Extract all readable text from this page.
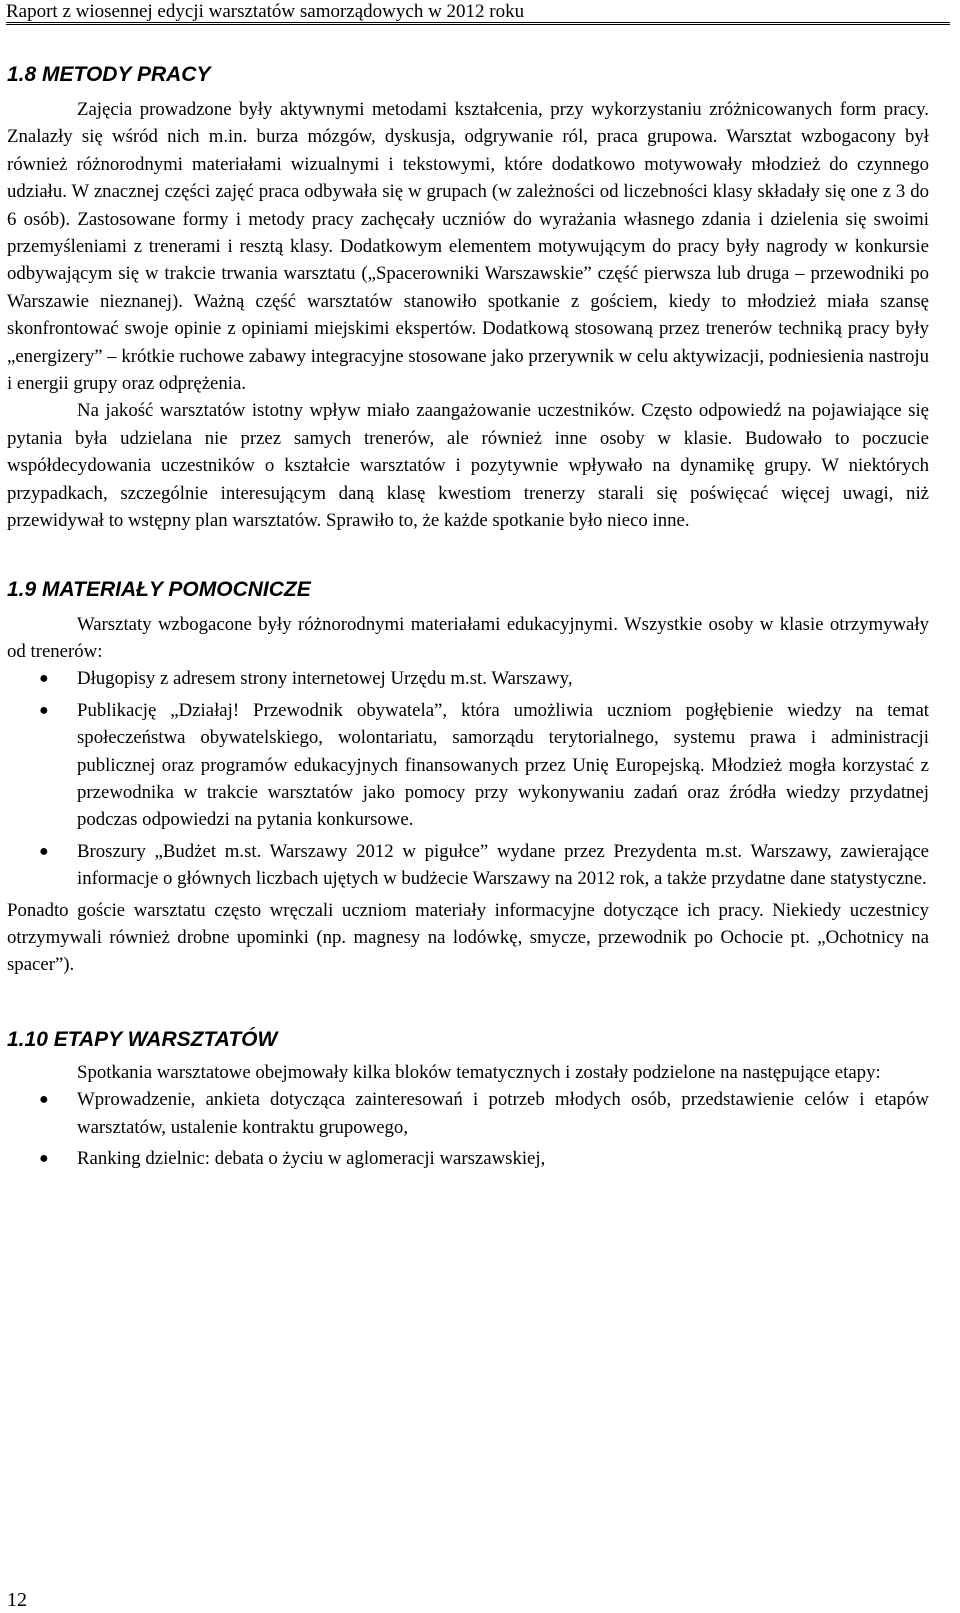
Raport z wiosennej edycji warsztatów samorządowych w 2012 roku
1.8 METODY PRACY

Zajęcia prowadzone były aktywnymi metodami kształcenia, przy wykorzystaniu zróżnicowanych form pracy. Znalazły się wśród nich m.in. burza mózgów, dyskusja, odgrywanie ról, praca grupowa. Warsztat wzbogacony był również różnorodnymi materiałami wizualnymi i tekstowymi, które dodatkowo motywowały młodzież do czynnego udziału. W znacznej części zajęć praca odbywała się w grupach (w zależności od liczebności klasy składały się one z 3 do 6 osób). Zastosowane formy i metody pracy zachęcały uczniów do wyrażania własnego zdania i dzielenia się swoimi przemyśleniami z trenerami i resztą klasy. Dodatkowym elementem motywującym do pracy były nagrody w konkursie odbywającym się w trakcie trwania warsztatu („Spacerowniki Warszawskie” część pierwsza lub druga – przewodniki po Warszawie nieznanej). Ważną część warsztatów stanowiło spotkanie z gościem, kiedy to młodzież miała szansę skonfrontować swoje opinie z opiniami miejskimi ekspertów. Dodatkową stosowaną przez trenerów techniką pracy były „energizery” – krótkie ruchowe zabawy integracyjne stosowane jako przerywnik w celu aktywizacji, podniesienia nastroju i energii grupy oraz odprężenia.

Na jakość warsztatów istotny wpływ miało zaangażowanie uczestników. Często odpowiedź na pojawiające się pytania była udzielana nie przez samych trenerów, ale również inne osoby w klasie. Budowało to poczucie współdecydowania uczestników o kształcie warsztatów i pozytywnie wpływało na dynamikę grupy. W niektórych przypadkach, szczególnie interesującym daną klasę kwestiom trenerzy starali się poświęcać więcej uwagi, niż przewidywał to wstępny plan warsztatów. Sprawiło to, że każde spotkanie było nieco inne.

1.9 MATERIAŁY POMOCNICZE

Warsztaty wzbogacone były różnorodnymi materiałami edukacyjnymi. Wszystkie osoby w klasie otrzymywały od trenerów:

● Długopisy z adresem strony internetowej Urzędu m.st. Warszawy,
● Publikację „Działaj! Przewodnik obywatela”, która umożliwia uczniom pogłębienie wiedzy na temat społeczeństwa obywatelskiego, wolontariatu, samorządu terytorialnego, systemu prawa i administracji publicznej oraz programów edukacyjnych finansowanych przez Unię Europejską. Młodzież mogła korzystać z przewodnika w trakcie warsztatów jako pomocy przy wykonywaniu zadań oraz źródła wiedzy przydatnej podczas odpowiedzi na pytania konkursowe.
● Broszury „Budżet m.st. Warszawy 2012 w pigułce” wydane przez Prezydenta m.st. Warszawy, zawierające informacje o głównych liczbach ujętych w budżecie Warszawy na 2012 rok, a także przydatne dane statystyczne.

Ponadto goście warsztatu często wręczali uczniom materiały informacyjne dotyczące ich pracy. Niekiedy uczestnicy otrzymywali również drobne upominki (np. magnesy na lodówkę, smycze, przewodnik po Ochocie pt. „Ochotnicy na spacer”).

1.10 ETAPY WARSZTATÓW

Spotkania warsztatowe obejmowały kilka bloków tematycznych i zostały podzielone na następujące etapy:

● Wprowadzenie, ankieta dotycząca zainteresowań i potrzeb młodych osób, przedstawienie celów i etapów warsztatów, ustalenie kontraktu grupowego,
● Ranking dzielnic: debata o życiu w aglomeracji warszawskiej,
12
